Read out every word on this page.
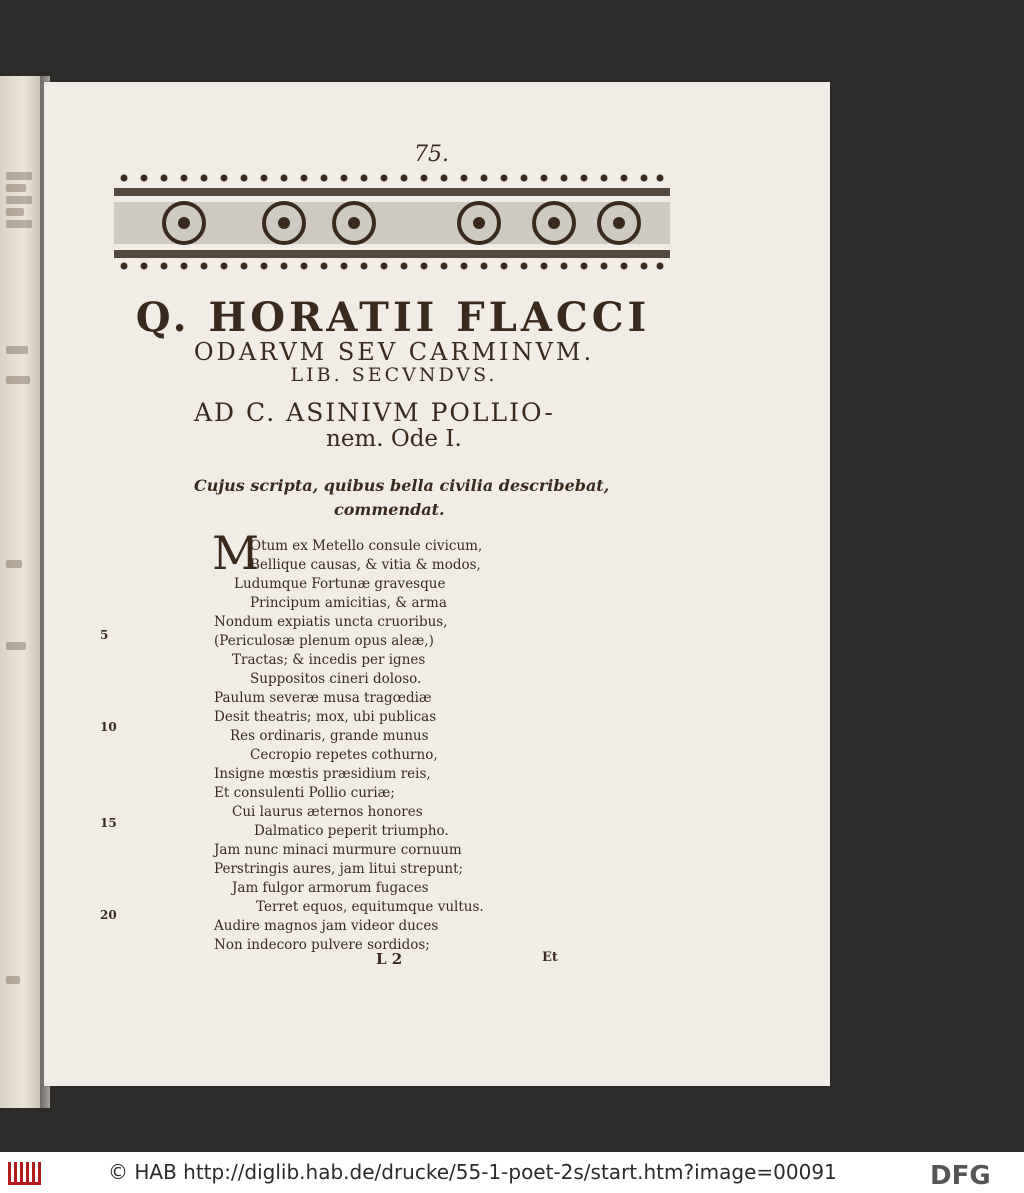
75.
Q. HORATII FLACCI
ODARVM SEV CARMINVM.
LIB. SECVNDVS.
AD C. ASINIVM POLLIO-
nem. Ode I.
Cujus scripta, quibus bella civilia describebat,
commendat.
M
Otum ex Metello consule civicum,
Bellique causas, & vitia & modos,
Ludumque Fortunæ gravesque
Principum amicitias, & arma
Nondum expiatis uncta cruoribus,
(Periculosæ plenum opus aleæ,)
Tractas; & incedis per ignes
Suppositos cineri doloso.
Paulum severæ musa tragœdiæ
Desit theatris; mox, ubi publicas
Res ordinaris, grande munus
Cecropio repetes cothurno,
Insigne mœstis præsidium reis,
Et consulenti Pollio curiæ;
Cui laurus æternos honores
Dalmatico peperit triumpho.
Jam nunc minaci murmure cornuum
Perstringis aures, jam litui strepunt;
Jam fulgor armorum fugaces
Terret equos, equitumque vultus.
Audire magnos jam videor duces
Non indecoro pulvere sordidos;
5
10
15
20
L 2	Et
© HAB http://diglib.hab.de/drucke/55-1-poet-2s/start.htm?image=00091	DFG
